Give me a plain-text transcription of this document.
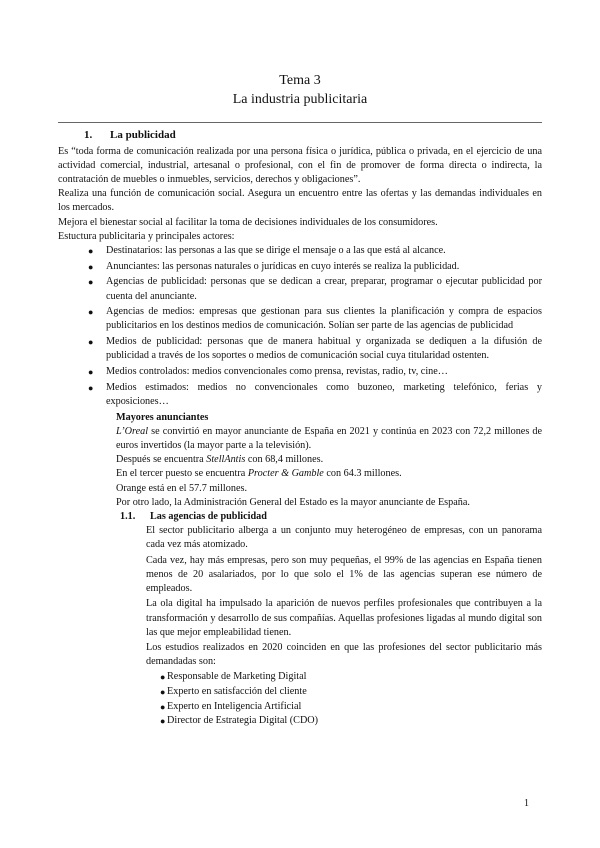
Tema 3
La industria publicitaria
1. La publicidad

Es “toda forma de comunicación realizada por una persona física o jurídica, pública o privada, en el ejercicio de una actividad comercial, industrial, artesanal o profesional, con el fin de promover de forma directa o indirecta, la contratación de muebles o inmuebles, servicios, derechos y obligaciones”.

Realiza una función de comunicación social. Asegura un encuentro entre las ofertas y las demandas individuales en los mercados.

Mejora el bienestar social al facilitar la toma de decisiones individuales de los consumidores.

Estuctura publicitaria y principales actores:

● Destinatarios: las personas a las que se dirige el mensaje o a las que está al alcance.
● Anunciantes: las personas naturales o jurídicas en cuyo interés se realiza la publicidad.
● Agencias de publicidad: personas que se dedican a crear, preparar, programar o ejecutar publicidad por cuenta del anunciante.
● Agencias de medios: empresas que gestionan para sus clientes la planificación y compra de espacios publicitarios en los destinos medios de comunicación. Solían ser parte de las agencias de publicidad
● Medios de publicidad: personas que de manera habitual y organizada se dediquen a la difusión de publicidad a través de los soportes o medios de comunicación social cuya titularidad ostenten.
● Medios controlados: medios convencionales como prensa, revistas, radio, tv, cine…
● Medios estimados: medios no convencionales como buzoneo, marketing telefónico, ferias y exposiciones…

Mayores anunciantes

L’Oreal se convirtió en mayor anunciante de España en 2021 y continúa en 2023 con 72,2 millones de euros invertidos (la mayor parte a la televisión).

Después se encuentra StellAntis con 68,4 millones.

En el tercer puesto se encuentra Procter & Gamble con 64.3 millones.

Orange está en el 57.7 millones.

Por otro lado, la Administración General del Estado es la mayor anunciante de España.

1.1. Las agencias de publicidad

El sector publicitario alberga a un conjunto muy heterogéneo de empresas, con un panorama cada vez más atomizado.

Cada vez, hay más empresas, pero son muy pequeñas, el 99% de las agencias en España tienen menos de 20 asalariados, por lo que solo el 1% de las agencias superan ese número de empleados.

La ola digital ha impulsado la aparición de nuevos perfiles profesionales que contribuyen a la transformación y desarrollo de sus compañías. Aquellas profesiones ligadas al mundo digital son las que mejor empleabilidad tienen.

Los estudios realizados en 2020 coinciden en que las profesiones del sector publicitario más demandadas son:

● Responsable de Marketing Digital
● Experto en satisfacción del cliente
● Experto en Inteligencia Artificial
● Director de Estrategia Digital (CDO)
1
